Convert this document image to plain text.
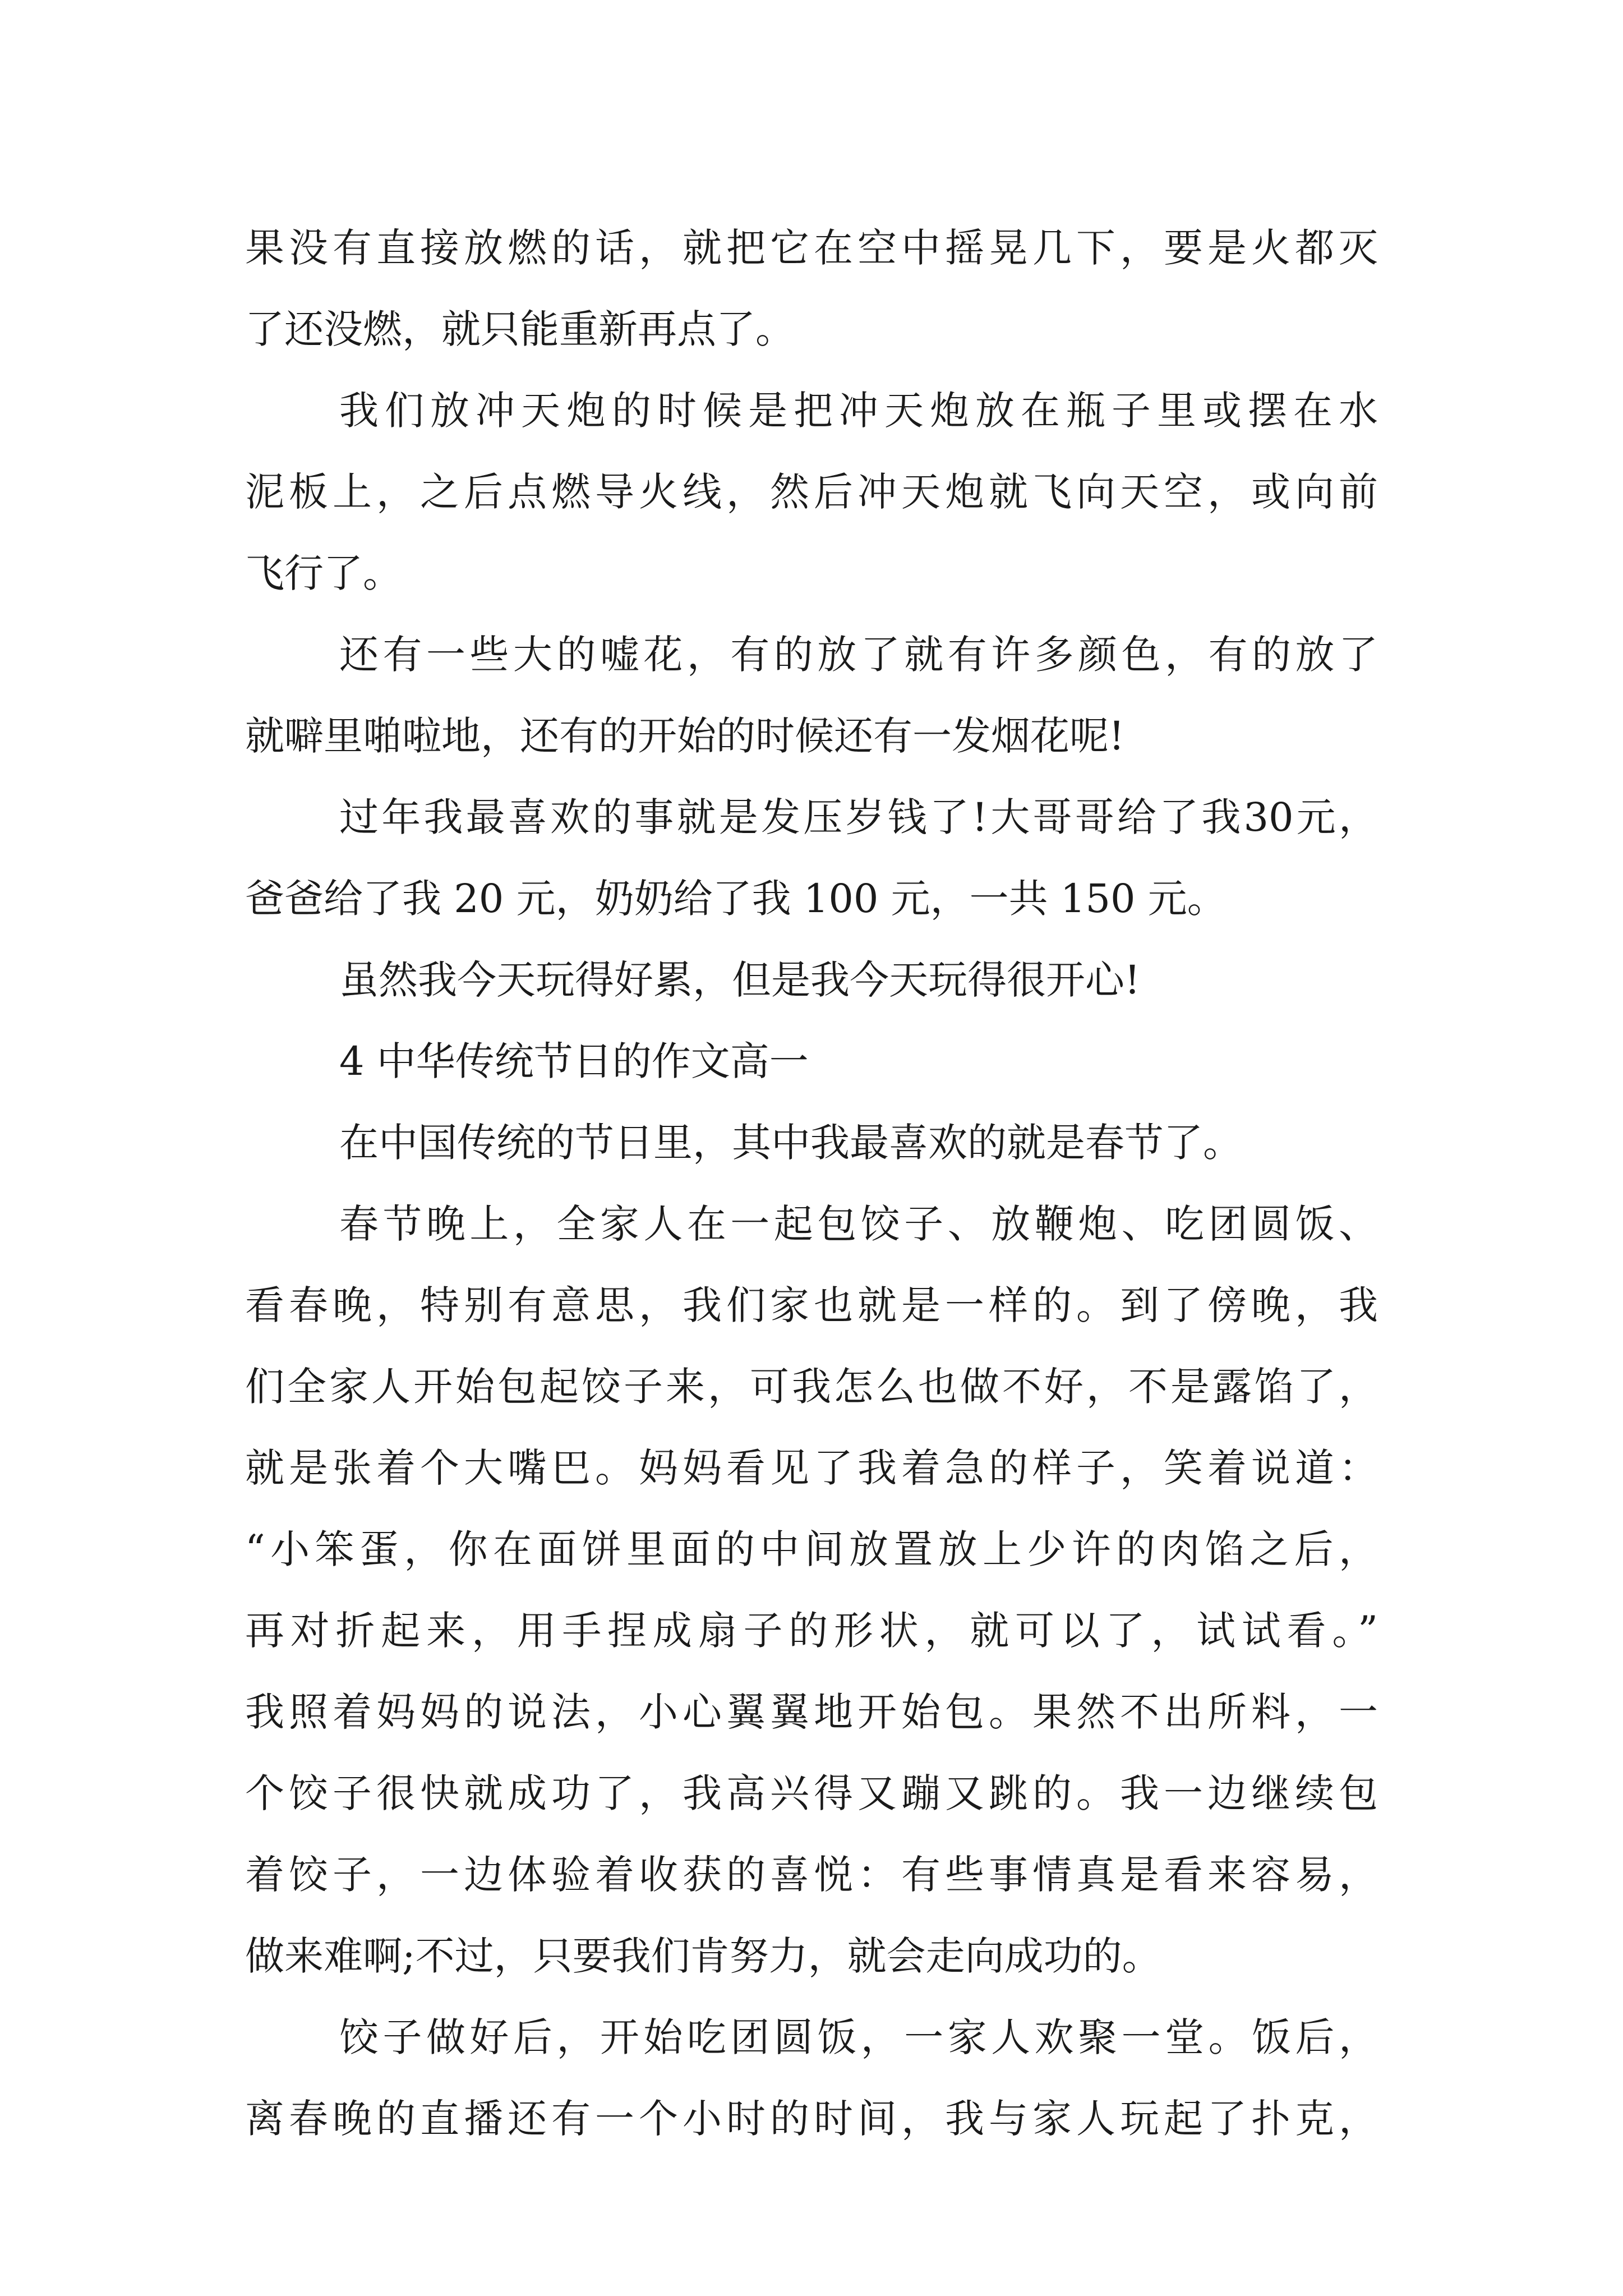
果没有直接放燃的话，就把它在空中摇晃几下，要是火都灭
了还没燃，就只能重新再点了。
我们放冲天炮的时候是把冲天炮放在瓶子里或摆在水
泥板上，之后点燃导火线，然后冲天炮就飞向天空，或向前
飞行了。
还有一些大的嘘花，有的放了就有许多颜色，有的放了
就噼里啪啦地，还有的开始的时候还有一发烟花呢!
过年我最喜欢的事就是发压岁钱了!大哥哥给了我30元，
爸爸给了我 20 元，奶奶给了我 100 元，一共 150 元。
虽然我今天玩得好累，但是我今天玩得很开心!
4 中华传统节日的作文高一
在中国传统的节日里，其中我最喜欢的就是春节了。
春节晚上，全家人在一起包饺子、放鞭炮、吃团圆饭、
看春晚，特别有意思，我们家也就是一样的。到了傍晚，我
们全家人开始包起饺子来，可我怎么也做不好，不是露馅了，
就是张着个大嘴巴。妈妈看见了我着急的样子，笑着说道：
“小笨蛋，你在面饼里面的中间放置放上少许的肉馅之后，
再对折起来，用手捏成扇子的形状，就可以了，试试看。”
我照着妈妈的说法，小心翼翼地开始包。果然不出所料，一
个饺子很快就成功了，我高兴得又蹦又跳的。我一边继续包
着饺子，一边体验着收获的喜悦：有些事情真是看来容易，
做来难啊;不过，只要我们肯努力，就会走向成功的。
饺子做好后，开始吃团圆饭，一家人欢聚一堂。饭后，
离春晚的直播还有一个小时的时间，我与家人玩起了扑克，
